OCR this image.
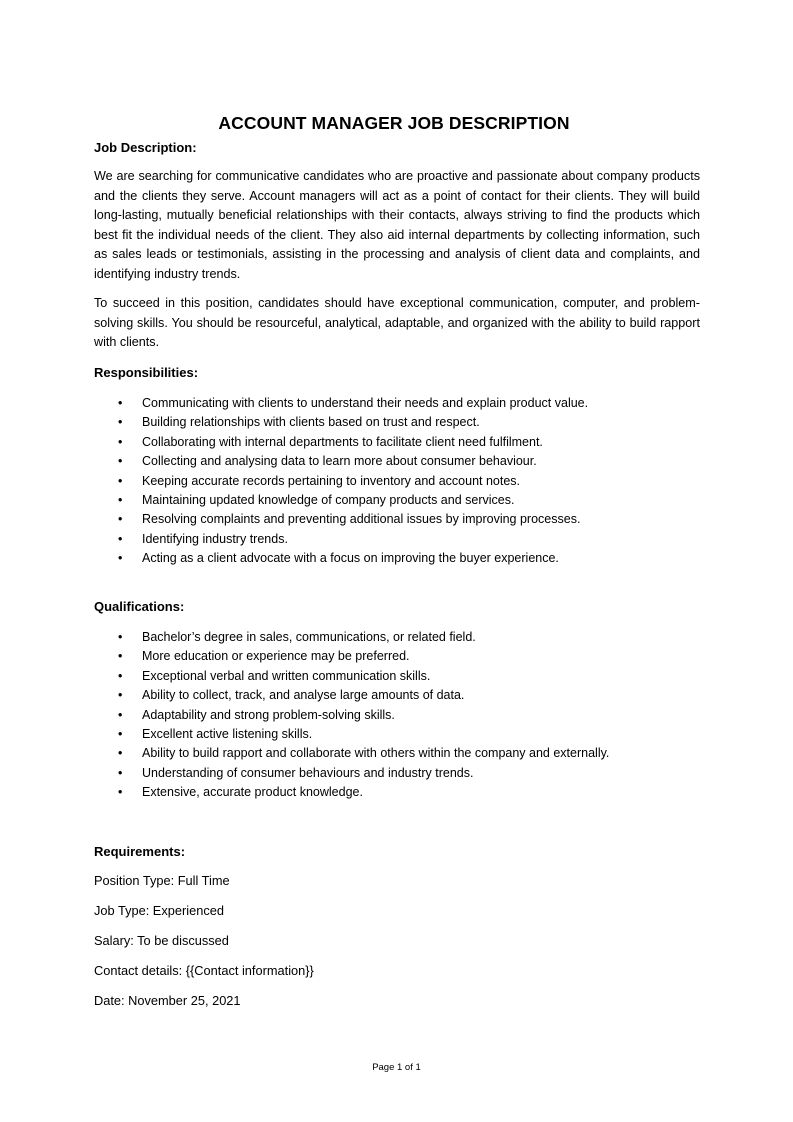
ACCOUNT MANAGER JOB DESCRIPTION
Job Description:
We are searching for communicative candidates who are proactive and passionate about company products and the clients they serve. Account managers will act as a point of contact for their clients. They will build long-lasting, mutually beneficial relationships with their contacts, always striving to find the products which best fit the individual needs of the client. They also aid internal departments by collecting information, such as sales leads or testimonials, assisting in the processing and analysis of client data and complaints, and identifying industry trends.
To succeed in this position, candidates should have exceptional communication, computer, and problem-solving skills. You should be resourceful, analytical, adaptable, and organized with the ability to build rapport with clients.
Responsibilities:
• Communicating with clients to understand their needs and explain product value.
• Building relationships with clients based on trust and respect.
• Collaborating with internal departments to facilitate client need fulfilment.
• Collecting and analysing data to learn more about consumer behaviour.
• Keeping accurate records pertaining to inventory and account notes.
• Maintaining updated knowledge of company products and services.
• Resolving complaints and preventing additional issues by improving processes.
• Identifying industry trends.
• Acting as a client advocate with a focus on improving the buyer experience.
Qualifications:
• Bachelor’s degree in sales, communications, or related field.
• More education or experience may be preferred.
• Exceptional verbal and written communication skills.
• Ability to collect, track, and analyse large amounts of data.
• Adaptability and strong problem-solving skills.
• Excellent active listening skills.
• Ability to build rapport and collaborate with others within the company and externally.
• Understanding of consumer behaviours and industry trends.
• Extensive, accurate product knowledge.
Requirements:
Position Type: Full Time
Job Type: Experienced
Salary: To be discussed
Contact details: {{Contact information}}
Date: November 25, 2021
Page 1 of 1
